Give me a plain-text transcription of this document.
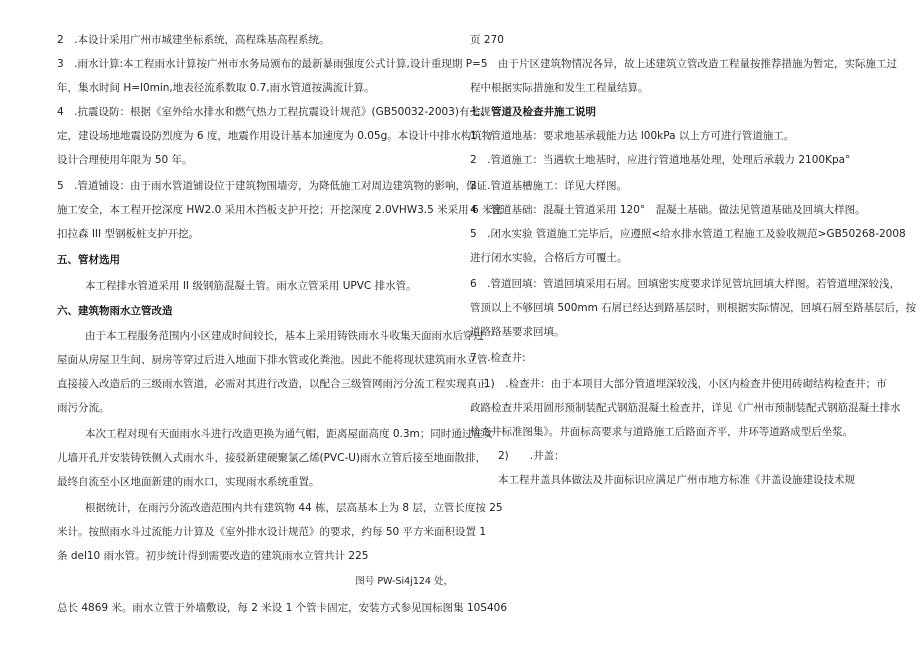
2　.本设计采用广州市城建坐标系统，高程珠基高程系统。
3　.雨水计算:本工程雨水计算按广州市水务局颁布的最新暴雨强度公式计算,设计重现期 P=5
年，集水时间 H=l0min,地表径流系数取 0.7,雨水管道按满流计算。
4　.抗震设防：根据《室外给水排水和燃气热力工程抗震设计规范》(GB50032-2003)有关规
定，建设场地地震设防烈度为 6 度，地震作用设计基本加速度为 0.05g。本设计中排水构筑物
设计合理使用年限为 50 年。
5　.管道铺设：由于雨水管道铺设位于建筑物围墙旁，为降低施工对周边建筑物的影响，保证
施工安全，本工程开挖深度 HW2.0 采用木挡板支护开挖；开挖深度 2.0VHW3.5 米采用 6 米密
扣拉森 III 型钢板桩支护开挖。
五、管材选用
本工程排水管道采用 II 级钢筋混凝土管。雨水立管采用 UPVC 排水管。
六、建筑物雨水立管改造
由于本工程服务范围内小区建成时间较长，基本上采用铸铁雨水斗收集天面雨水后穿过
屋面从房屋卫生间、厨房等穿过后进入地面下排水管或化粪池。因此不能将现状建筑雨水立管
直接接入改造后的三级雨水管道，必需对其进行改造，以配合三级管网雨污分流工程实现真正
雨污分流。
本次工程对现有天面雨水斗进行改造更换为通气帽，距离屋面高度 0.3m；同时通过在女
儿墙开孔并安装铸铁侧入式雨水斗，接驳新建硬聚氯乙烯(PVC-U)雨水立管后接至地面散排，
最终自流至小区地面新建的雨水口，实现雨水系统重置。
根据统计，在雨污分流改造范围内共有建筑物 44 栋，层高基本上为 8 层，立管长度按 25
米计。按照雨水斗过流能力计算及《室外排水设计规范》的要求，约每 50 平方米面积设置 1
条 del10 雨水管。初步统计得到需要改造的建筑雨水立管共计 225
图号 PW-Si4j124 处，
总长 4869 米。雨水立管于外墙敷设，每 2 米设 1 个管卡固定，安装方式参见国标图集 10S406
页 270
由于片区建筑物情况各异，故上述建筑立管改造工程量按推荐措施为暂定，实际施工过
程中根据实际措施和发生工程量结算。
七、管道及检查井施工说明
1　.管道地基：要求地基承载能力达 l00kPa 以上方可进行管道施工。
2　.管道施工：当遇软土地基时，应进行管道地基处理，处理后承载力 2100Kpa°
3　.管道基槽施工：详见大样图。
4　.管道基础：混凝土管道采用 120°　混凝土基础。做法见管道基础及回填大样图。
5　.闭水实验 管道施工完毕后，应遵照<给水排水管道工程施工及验收规范>GB50268-2008
进行闭水实验，合格后方可覆土。
6　.管道回填：管道回填采用石屑。回填密实度要求详见管坑回填大样图。若管道埋深较浅，
管顶以上不够回填 500mm 石屑已经达到路基层时，则根据实际情况，回填石屑至路基层后，按
道路路基要求回填。
7　.检查井:
1)　.检查井：由于本项目大部分管道埋深较浅，小区内检查井使用砖砌结构检查井；市
政路检查井采用圆形预制装配式钢筋混凝土检查井，详见《广州市预制装配式钢筋混凝土排水
检查井标准图集》。井面标高要求与道路施工后路面齐平，井环等道路成型后坐浆。
2)　　.井盖：
本工程井盖具体做法及井面标识应满足广州市地方标准《井盖设施建设技术规
